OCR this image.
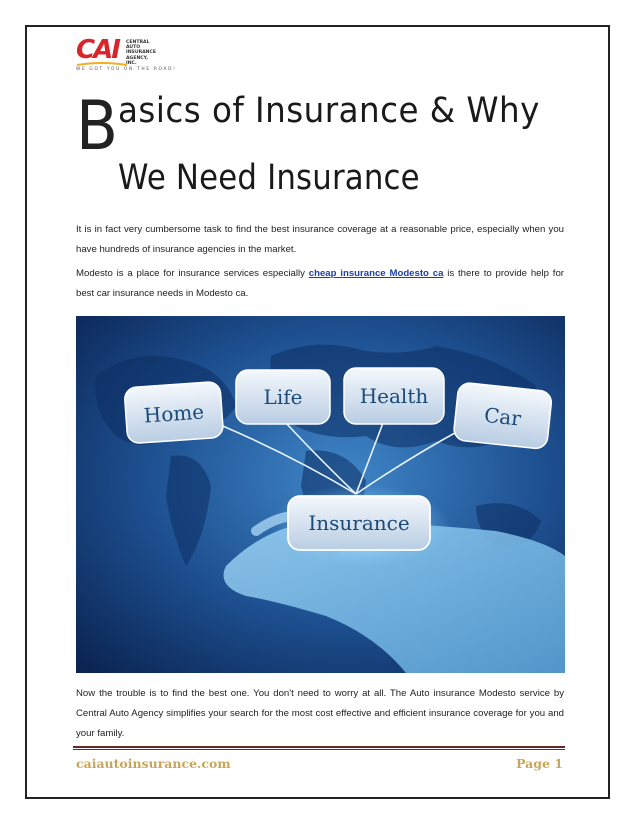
CAI CENTRAL
AUTO
INSURANCE
AGENCY, INC.
WE GOT YOU ON THE ROAD!
B asics of Insurance & Why
We Need Insurance
It is in fact very cumbersome task to find the best insurance coverage at a reasonable price, especially when you have hundreds of insurance agencies in the market.
Modesto is a place for insurance services especially cheap insurance Modesto ca is there to provide help for best car insurance needs in Modesto ca.
Home
Life	Health
Car
Insurance
Now the trouble is to find the best one. You don't need to worry at all. The Auto insurance Modesto service by Central Auto Agency simplifies your search for the most cost effective and efficient insurance coverage for you and your family.
caiautoinsurance.com	Page 1
